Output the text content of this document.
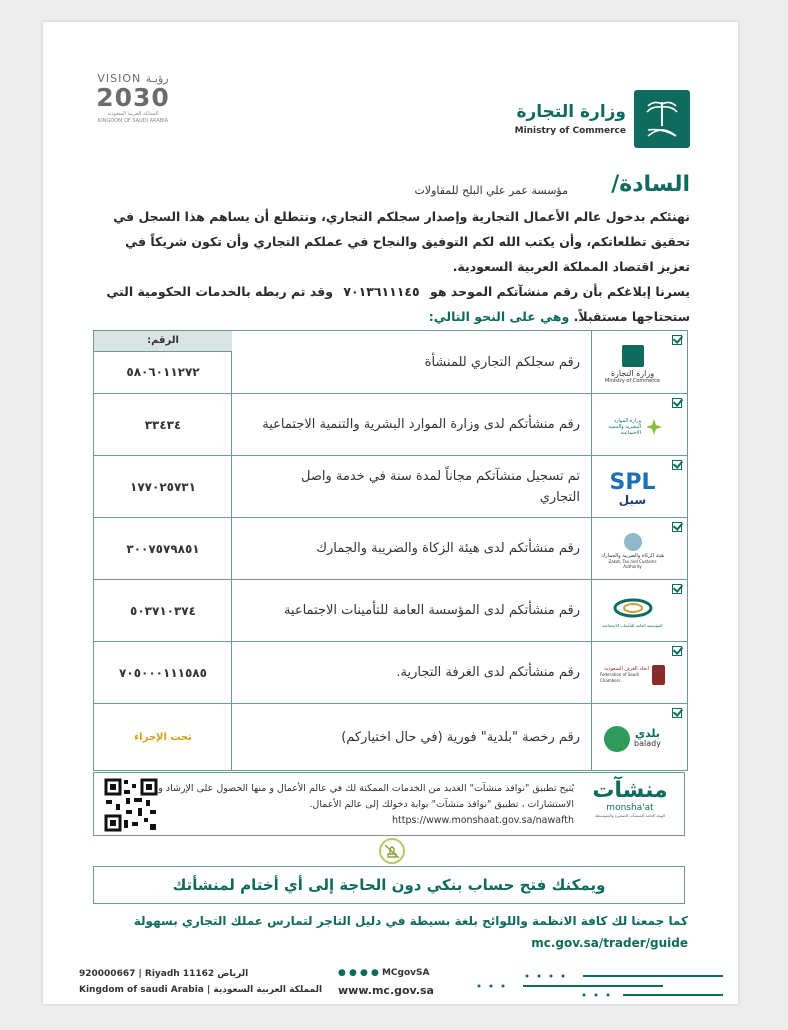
VISION رؤيـة
2030
المملكة العربية السعودية
KINGDOM OF SAUDI ARABIA	وزارة التجارة
Ministry of Commerce
السادة/
مؤسسة عمر علي البلح للمقاولات
نهنئكم بدخول عالم الأعمال التجارية وإصدار سجلكم التجاري، ونتطلع أن يساهم هذا السجل في تحقيق تطلعاتكم، وأن يكتب الله لكم التوفيق والنجاح في عملكم التجاري وأن تكون شريكاً في تعزيز اقتصاد المملكة العربية السعودية.
يسرنا إبلاغكم بأن رقم منشآتكم الموحد هو ٧٠١٣٦١١١٤٥ وقد تم ربطه بالخدمات الحكومية التي ستحتاجها مستقبلاً. وهي على النحو التالي:
وزارة التجارة
Ministry of Commerce
رقم سجلكم التجاري للمنشأة
الرقم:
٥٨٠٦٠١١٢٧٢
وزارة الموارد البشرية والتنمية الاجتماعية
رقم منشأتكم لدى وزارة الموارد البشرية والتنمية الاجتماعية
٣٣٤٣٤
SPL
سبل
تم تسجيل منشآتكم مجاناً لمدة سنة في خدمة واصل التجاري
١٧٧٠٢٥٧٣١
هيئة الزكاة والضريبة والجمارك
Zakat, Tax and Customs Authority
رقم منشأتكم لدى هيئة الزكاة والضريبة والجمارك
٣٠٠٧٥٧٩٨٥١
المؤسسة العامة للتأمينات الاجتماعية
رقم منشأتكم لدى المؤسسة العامة للتأمينات الاجتماعية
٥٠٣٧١٠٣٧٤
اتحاد الغرف السعودية
Federation of Saudi Chambers
رقم منشأتكم لدى الغرفة التجارية.
٧٠٥٠٠٠١١١٥٨٥
بلدي
balady
رقم رخصة "بلدية" فورية (في حال اختياركم)
تحت الإجراء
يُتيح تطبيق "نوافذ منشآت" العديد من الخدمات الممكنة لك في عالم الأعمال و منها الحصول على الإرشاد و الاستشارات ، تطبيق "نوافذ منشآت" بوابة دخولك إلى عالم الأعمال. https://www.monshaat.gov.sa/nawafth
منشآت
monsha'at
الهيئة العامة للمنشآت الصغيرة والمتوسطة
ويمكنك فتح حساب بنكي دون الحاجة إلى أي أختام لمنشأتك
كما جمعنا لك كافة الانظمة واللوائح بلغة بسيطة في دليل التاجر لتمارس عملك التجاري بسهولة
mc.gov.sa/trader/guide
920000667 | Riyadh 11162 الرياض
Kingdom of saudi Arabia | المملكة العربية السعودية
● ● ● ● MCgovSA
www.mc.gov.sa
